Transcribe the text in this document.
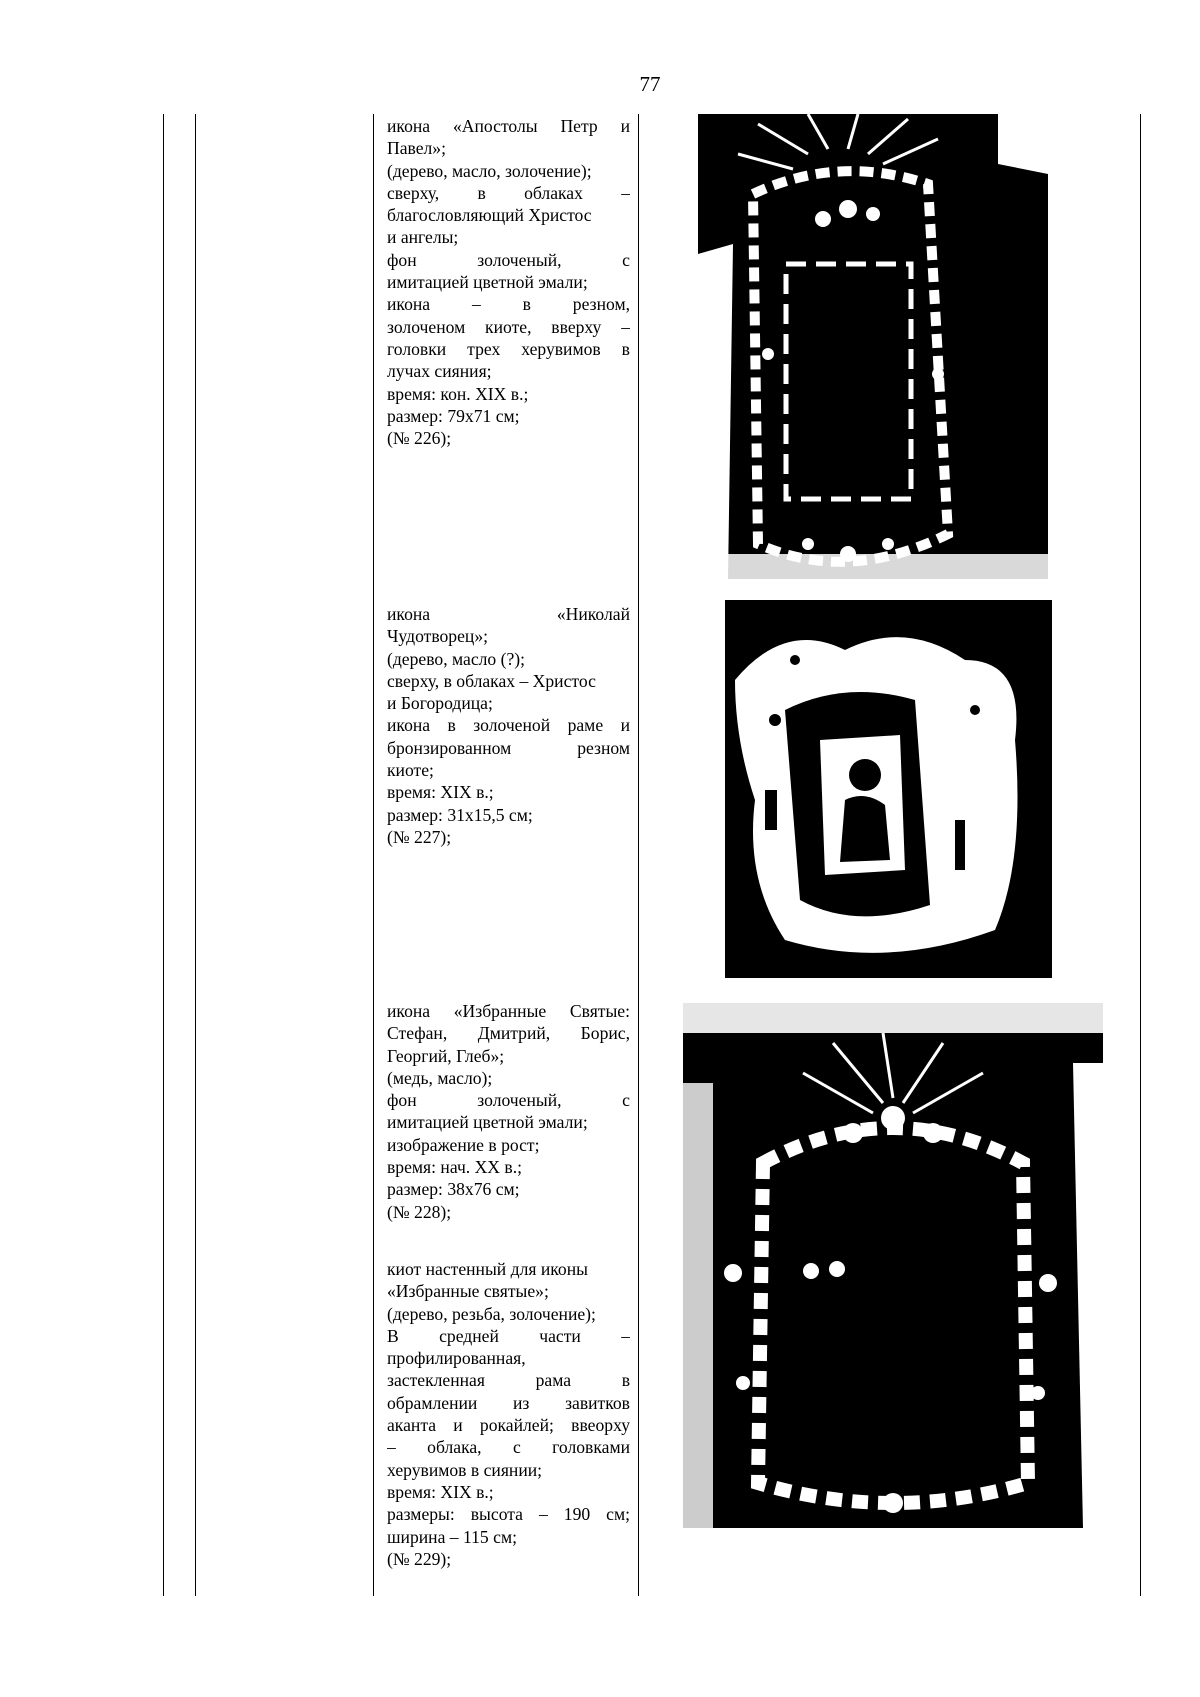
77
икона «Апостолы Петр и
Павел»;
(дерево, масло, золочение);
сверху, в облаках –
благословляющий Христос
и ангелы;
фон золоченый, с
имитацией цветной эмали;
икона – в резном,
золоченом киоте, вверху –
головки трех херувимов в
лучах сияния;
время: кон. XIX в.;
размер: 79х71 см;
(№ 226);
икона «Николай
Чудотворец»;
(дерево, масло (?);
сверху, в облаках – Христос
и Богородица;
икона в золоченой раме и
бронзированном резном
киоте;
время: XIX в.;
размер: 31х15,5 см;
(№ 227);
икона «Избранные Святые:
Стефан, Дмитрий, Борис,
Георгий, Глеб»;
(медь, масло);
фон золоченый, с
имитацией цветной эмали;
изображение в рост;
время: нач. XX в.;
размер: 38х76 см;
(№ 228);
киот настенный для иконы
«Избранные святые»;
(дерево, резьба, золочение);
В средней части –
профилированная,
застекленная рама в
обрамлении из завитков
аканта и рокайлей; ввеорху
– облака, с головками
херувимов в сиянии;
время: XIX в.;
размеры: высота – 190 см;
ширина – 115 см;
(№ 229);
